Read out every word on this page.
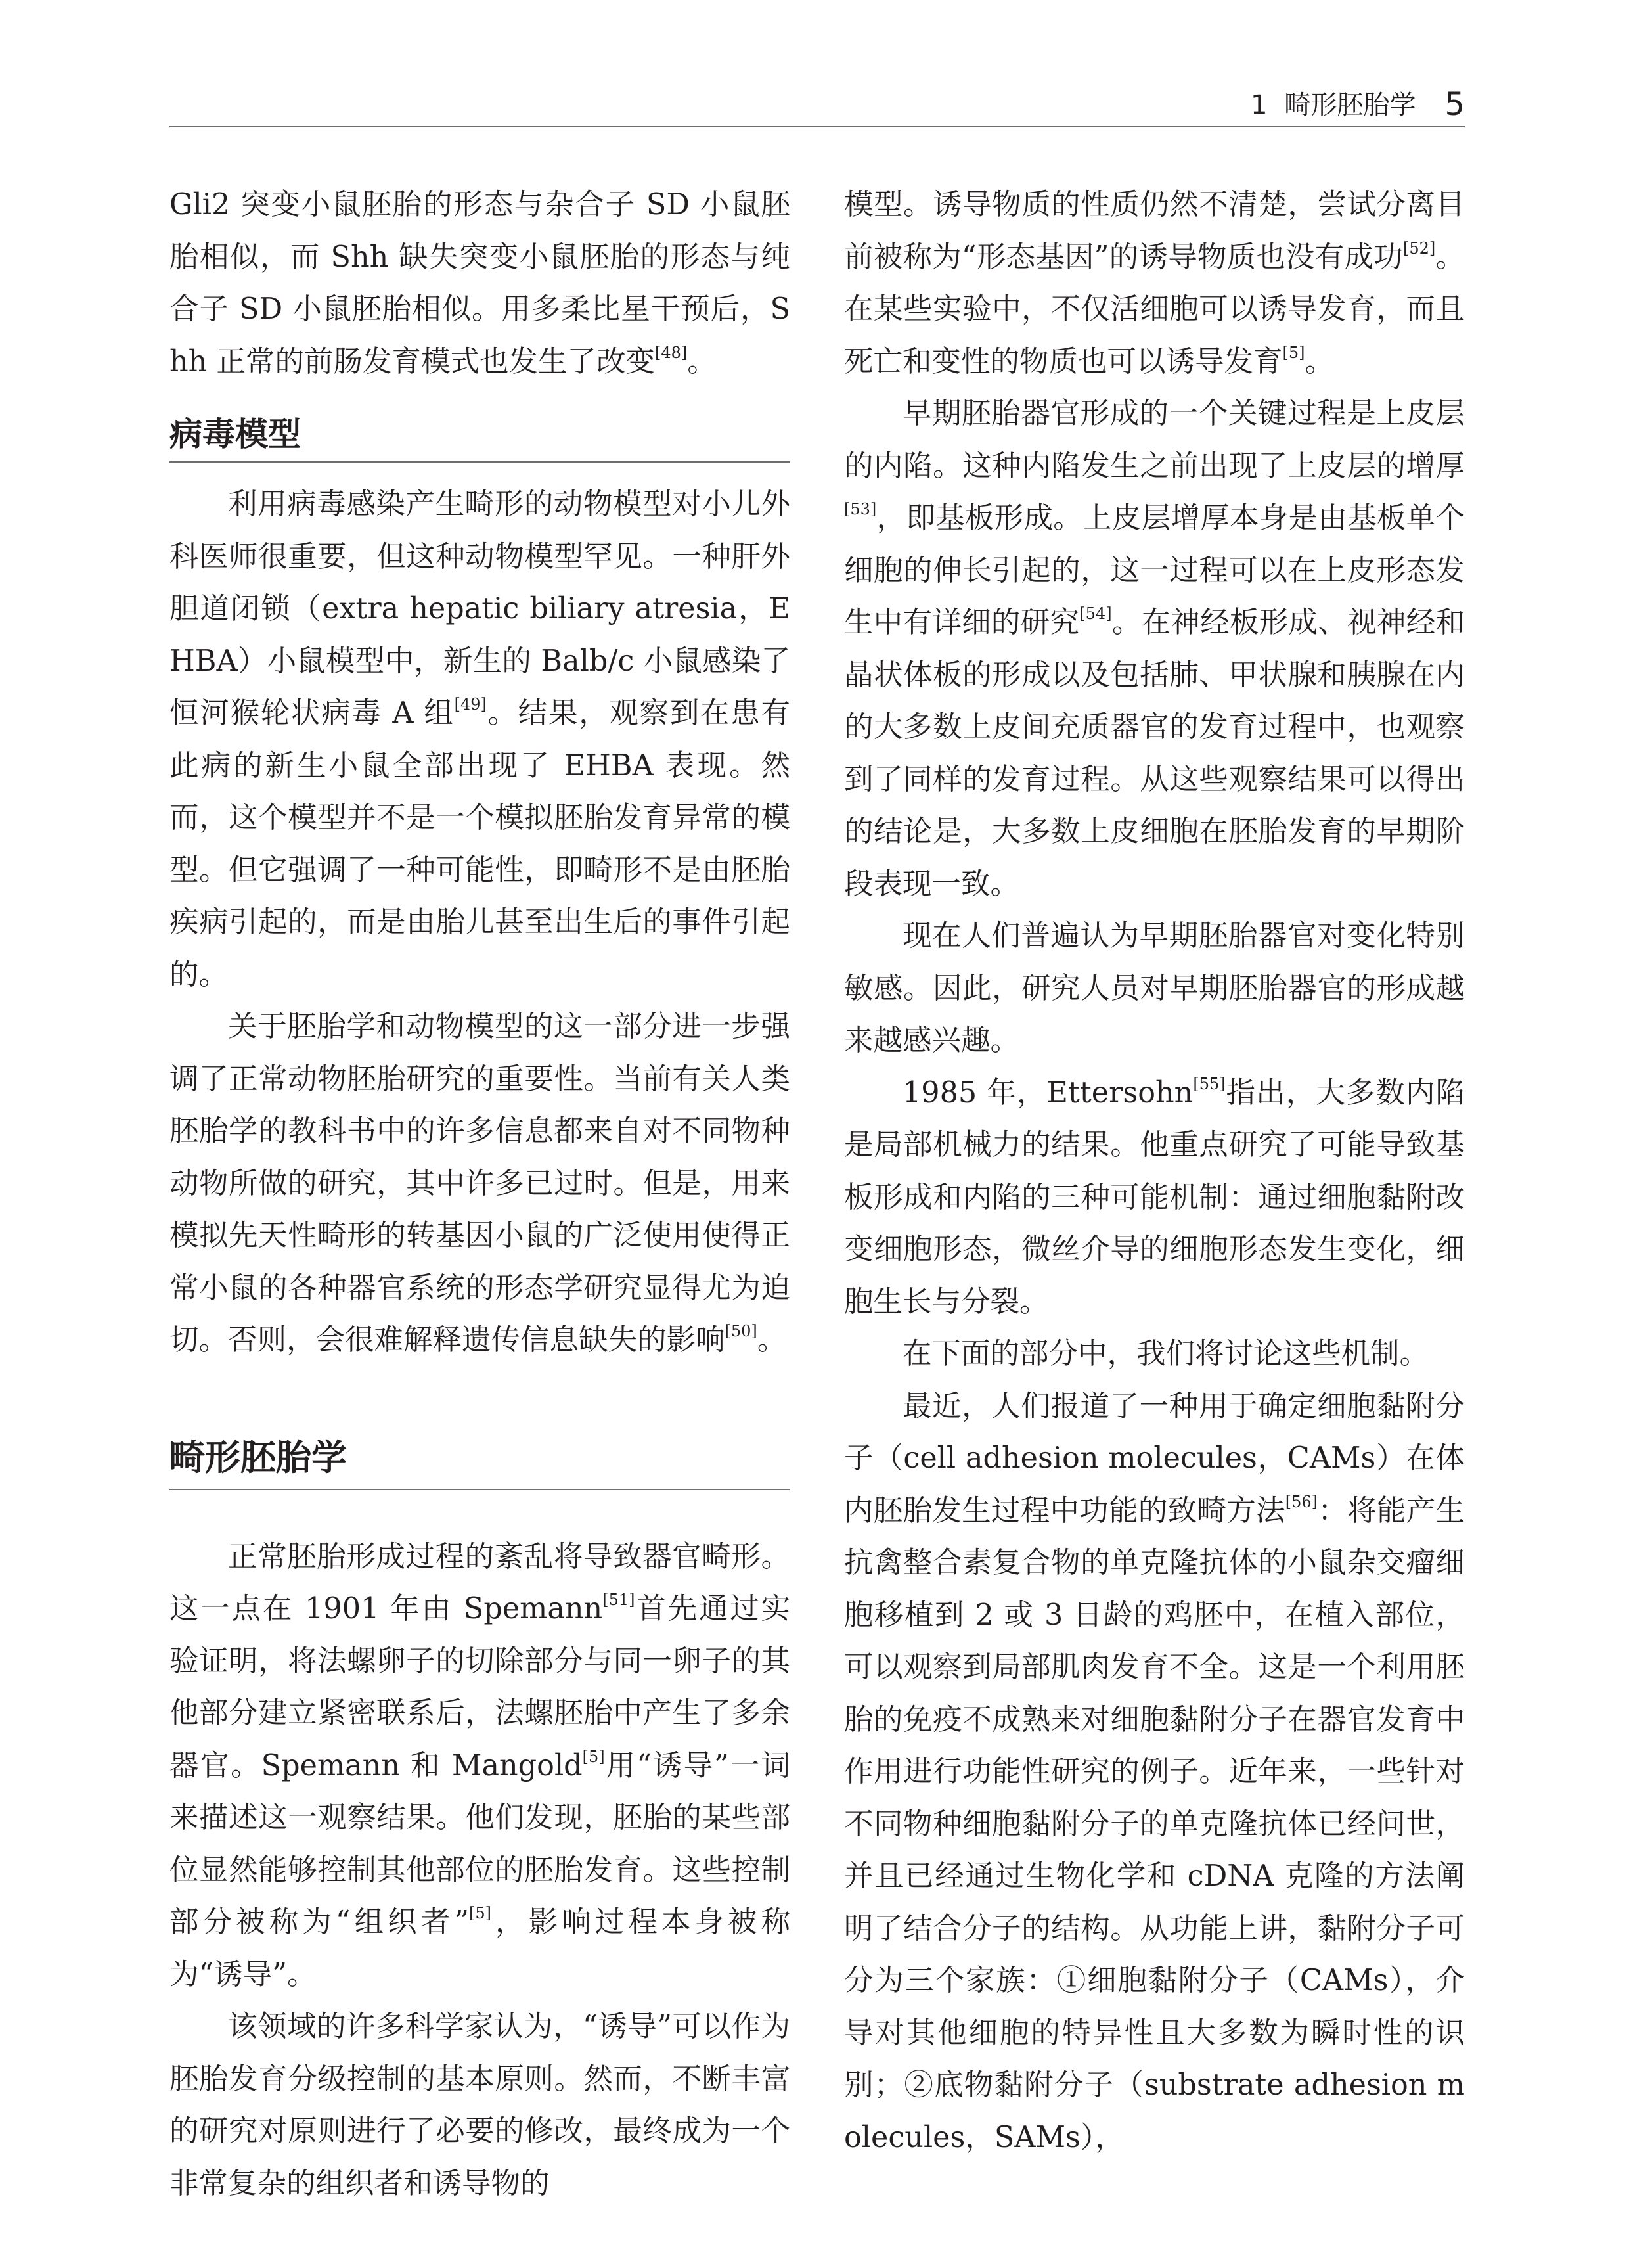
1 畸形胚胎学 5

Gli2 突变小鼠胚胎的形态与杂合子 SD 小鼠胚胎相似，而 Shh 缺失突变小鼠胚胎的形态与纯合子 SD 小鼠胚胎相似。用多柔比星干预后，Shh 正常的前肠发育模式也发生了改变[48]。

病毒模型

利用病毒感染产生畸形的动物模型对小儿外科医师很重要，但这种动物模型罕见。一种肝外胆道闭锁（extra hepatic biliary atresia，EHBA）小鼠模型中，新生的 Balb/c 小鼠感染了恒河猴轮状病毒 A 组[49]。结果，观察到在患有此病的新生小鼠全部出现了 EHBA 表现。然而，这个模型并不是一个模拟胚胎发育异常的模型。但它强调了一种可能性，即畸形不是由胚胎疾病引起的，而是由胎儿甚至出生后的事件引起的。

关于胚胎学和动物模型的这一部分进一步强调了正常动物胚胎研究的重要性。当前有关人类胚胎学的教科书中的许多信息都来自对不同物种动物所做的研究，其中许多已过时。但是，用来模拟先天性畸形的转基因小鼠的广泛使用使得正常小鼠的各种器官系统的形态学研究显得尤为迫切。否则，会很难解释遗传信息缺失的影响[50]。

畸形胚胎学

正常胚胎形成过程的紊乱将导致器官畸形。这一点在 1901 年由 Spemann[51]首先通过实验证明，将法螺卵子的切除部分与同一卵子的其他部分建立紧密联系后，法螺胚胎中产生了多余器官。Spemann 和 Mangold[5]用“诱导”一词来描述这一观察结果。他们发现，胚胎的某些部位显然能够控制其他部位的胚胎发育。这些控制部分被称为“组织者”[5]，影响过程本身被称为“诱导”。

该领域的许多科学家认为，“诱导”可以作为胚胎发育分级控制的基本原则。然而，不断丰富的研究对原则进行了必要的修改，最终成为一个非常复杂的组织者和诱导物的

模型。诱导物质的性质仍然不清楚，尝试分离目前被称为“形态基因”的诱导物质也没有成功[52]。在某些实验中，不仅活细胞可以诱导发育，而且死亡和变性的物质也可以诱导发育[5]。

早期胚胎器官形成的一个关键过程是上皮层的内陷。这种内陷发生之前出现了上皮层的增厚[53]，即基板形成。上皮层增厚本身是由基板单个细胞的伸长引起的，这一过程可以在上皮形态发生中有详细的研究[54]。在神经板形成、视神经和晶状体板的形成以及包括肺、甲状腺和胰腺在内的大多数上皮间充质器官的发育过程中，也观察到了同样的发育过程。从这些观察结果可以得出的结论是，大多数上皮细胞在胚胎发育的早期阶段表现一致。

现在人们普遍认为早期胚胎器官对变化特别敏感。因此，研究人员对早期胚胎器官的形成越来越感兴趣。

1985 年，Ettersohn[55]指出，大多数内陷是局部机械力的结果。他重点研究了可能导致基板形成和内陷的三种可能机制：通过细胞黏附改变细胞形态，微丝介导的细胞形态发生变化，细胞生长与分裂。

在下面的部分中，我们将讨论这些机制。

最近，人们报道了一种用于确定细胞黏附分子（cell adhesion molecules，CAMs）在体内胚胎发生过程中功能的致畸方法[56]：将能产生抗禽整合素复合物的单克隆抗体的小鼠杂交瘤细胞移植到 2 或 3 日龄的鸡胚中，在植入部位，可以观察到局部肌肉发育不全。这是一个利用胚胎的免疫不成熟来对细胞黏附分子在器官发育中作用进行功能性研究的例子。近年来，一些针对不同物种细胞黏附分子的单克隆抗体已经问世，并且已经通过生物化学和 cDNA 克隆的方法阐明了结合分子的结构。从功能上讲，黏附分子可分为三个家族：①细胞黏附分子（CAMs），介导对其他细胞的特异性且大多数为瞬时性的识别；②底物黏附分子（substrate adhesion molecules，SAMs），
